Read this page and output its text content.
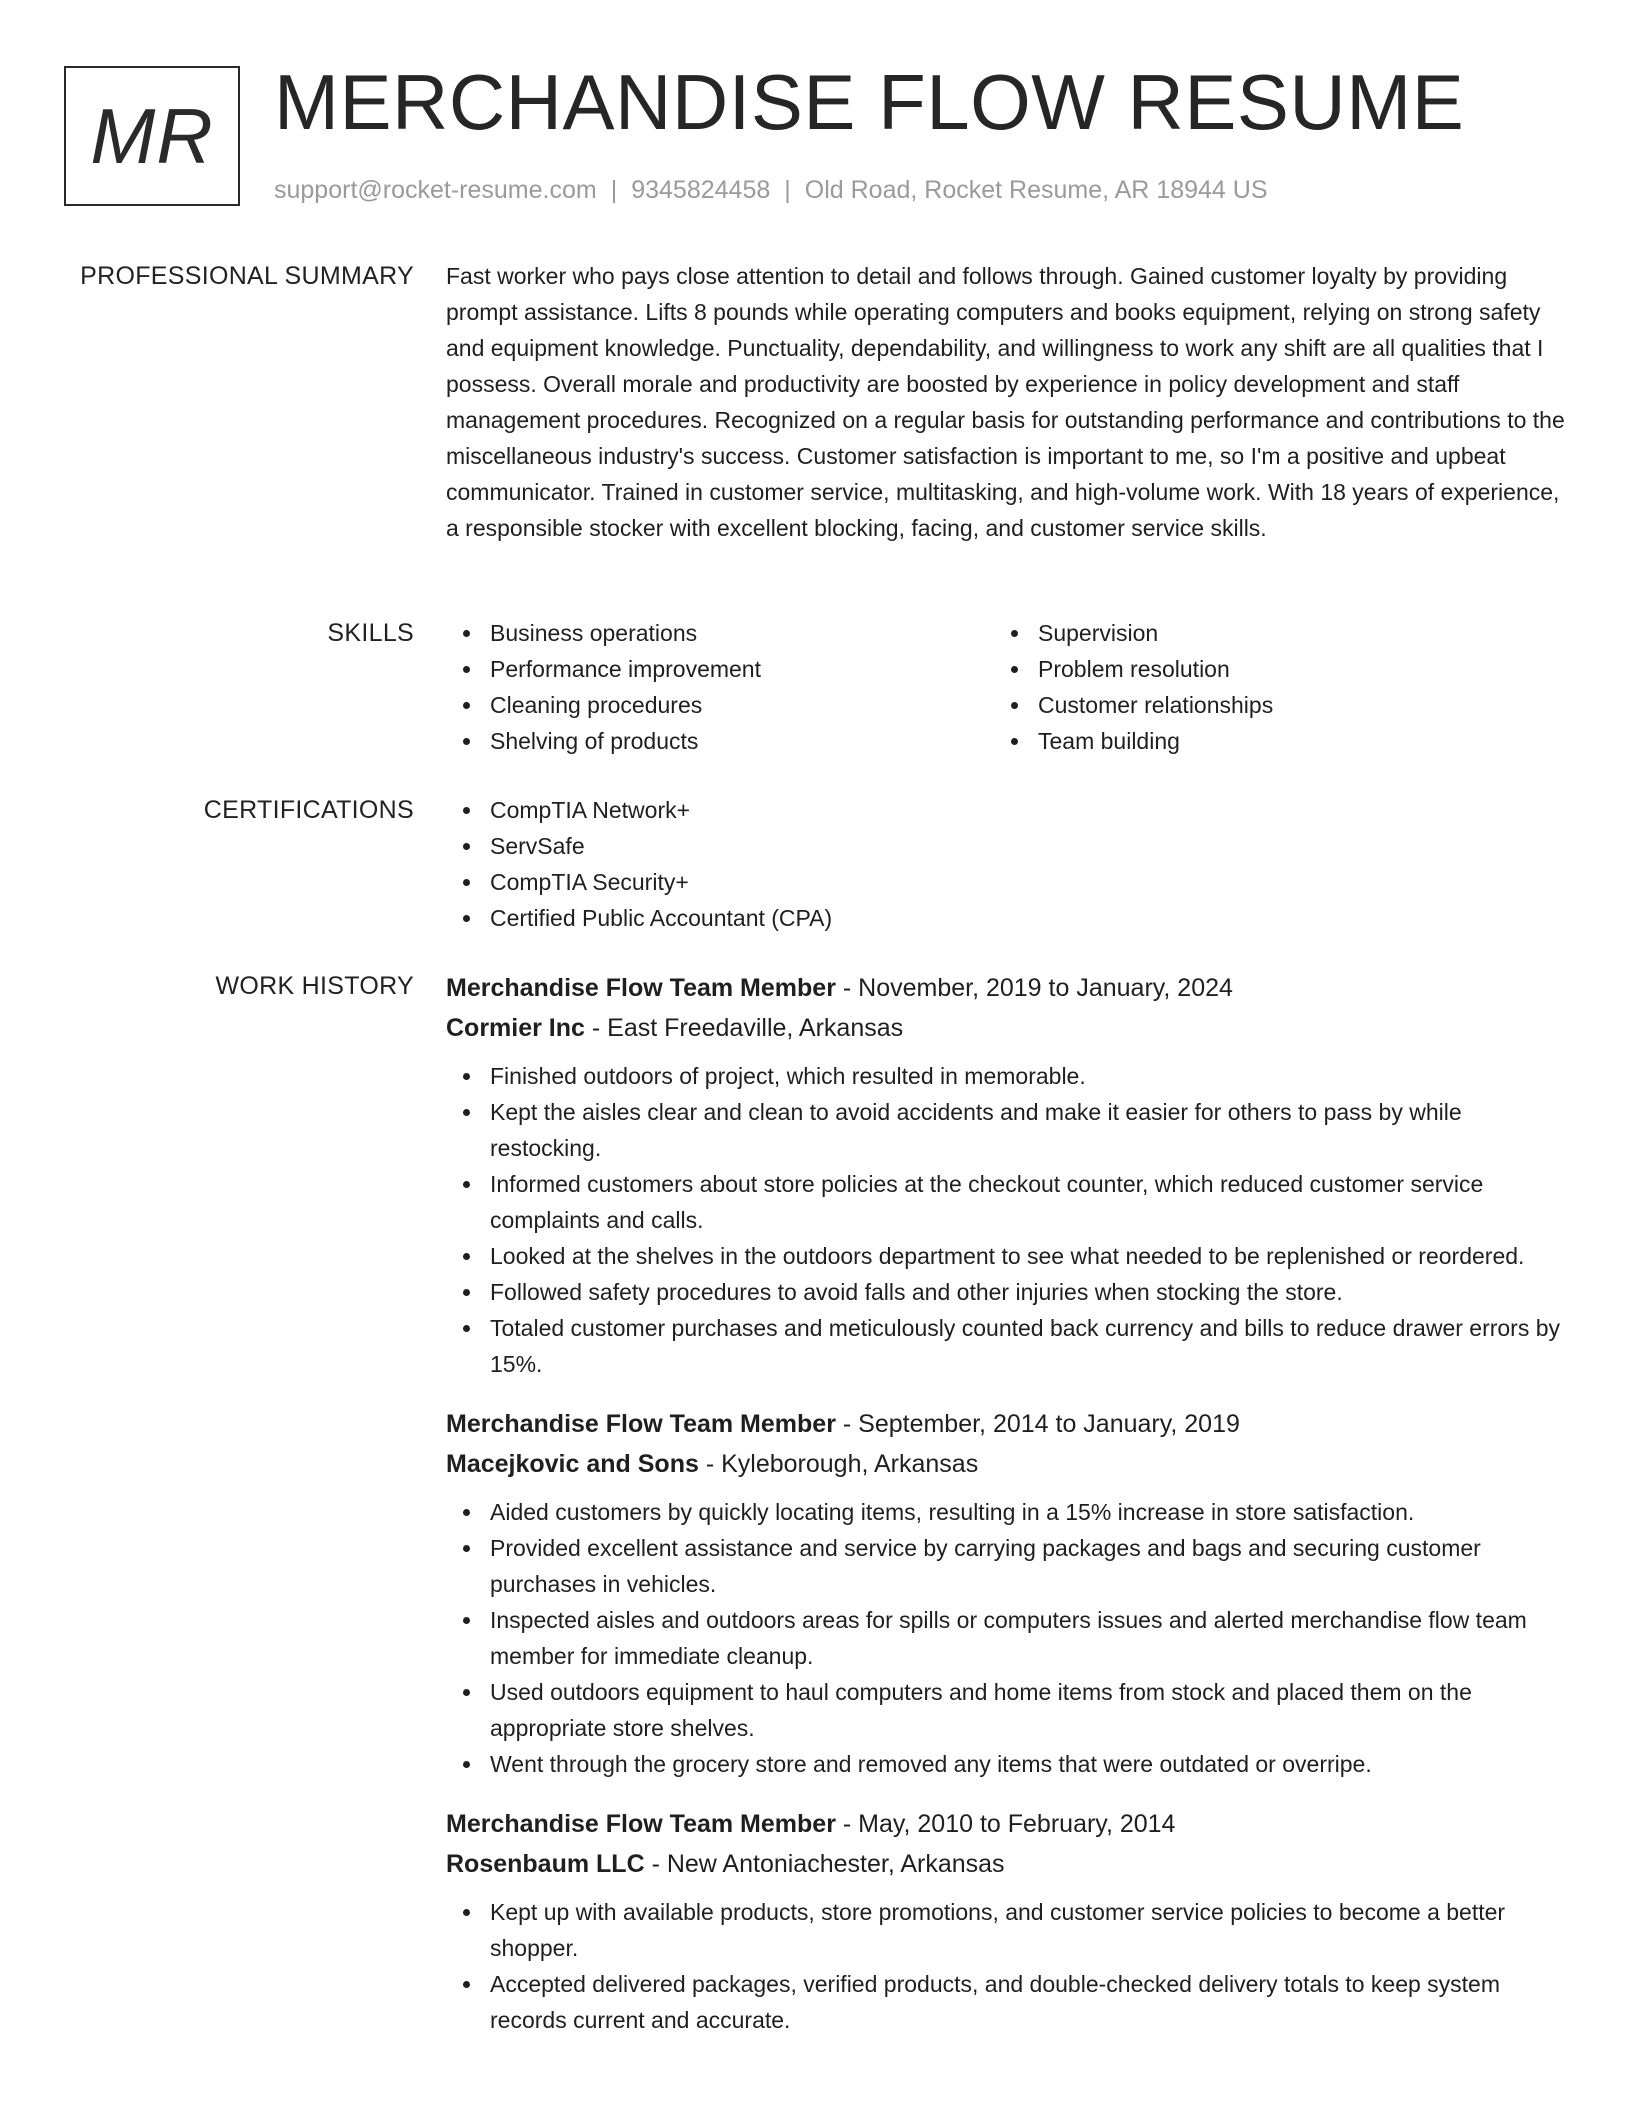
MR MERCHANDISE FLOW RESUME
support@rocket-resume.com | 9345824458 | Old Road, Rocket Resume, AR 18944 US
PROFESSIONAL SUMMARY Fast worker who pays close attention to detail and follows through. Gained customer loyalty by providing prompt assistance. Lifts 8 pounds while operating computers and books equipment, relying on strong safety and equipment knowledge. Punctuality, dependability, and willingness to work any shift are all qualities that I possess. Overall morale and productivity are boosted by experience in policy development and staff management procedures. Recognized on a regular basis for outstanding performance and contributions to the miscellaneous industry's success. Customer satisfaction is important to me, so I'm a positive and upbeat communicator. Trained in customer service, multitasking, and high-volume work. With 18 years of experience, a responsible stocker with excellent blocking, facing, and customer service skills.

SKILLS	Business operations
Performance improvement
Cleaning procedures
Shelving of products
Supervision
Problem resolution
Customer relationships
Team building
CERTIFICATIONS	CompTIA Network+
ServSafe
CompTIA Security+
Certified Public Accountant (CPA)
WORK HISTORY Merchandise Flow Team Member - November, 2019 to January, 2024
Cormier Inc - East Freedaville, Arkansas
Finished outdoors of project, which resulted in memorable.
Kept the aisles clear and clean to avoid accidents and make it easier for others to pass by while restocking.
Informed customers about store policies at the checkout counter, which reduced customer service complaints and calls.
Looked at the shelves in the outdoors department to see what needed to be replenished or reordered.
Followed safety procedures to avoid falls and other injuries when stocking the store.
Totaled customer purchases and meticulously counted back currency and bills to reduce drawer errors by 15%.
Merchandise Flow Team Member - September, 2014 to January, 2019
Macejkovic and Sons - Kyleborough, Arkansas
Aided customers by quickly locating items, resulting in a 15% increase in store satisfaction.
Provided excellent assistance and service by carrying packages and bags and securing customer purchases in vehicles.
Inspected aisles and outdoors areas for spills or computers issues and alerted merchandise flow team member for immediate cleanup.
Used outdoors equipment to haul computers and home items from stock and placed them on the appropriate store shelves.
Went through the grocery store and removed any items that were outdated or overripe.
Merchandise Flow Team Member - May, 2010 to February, 2014
Rosenbaum LLC - New Antoniachester, Arkansas
Kept up with available products, store promotions, and customer service policies to become a better shopper.
Accepted delivered packages, verified products, and double-checked delivery totals to keep system records current and accurate.
